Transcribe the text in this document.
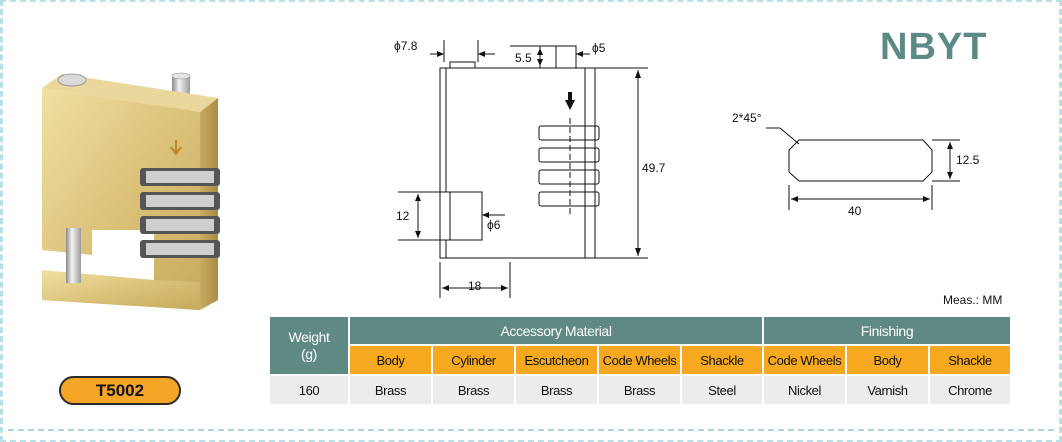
NBYT
ϕ7.8
5.5
ϕ5
49.7
12
ϕ6
18
2*45°
12.5
40
Meas.: MM
T5002
Weight
(g)
Accessory Material	Finishing
Body	Cylinder	Escutcheon	Code Wheels	Shackle	Code Wheels	Body	Shackle
160	Brass	Brass	Brass	Brass	Steel	Nickel	Varnish	Chrome
